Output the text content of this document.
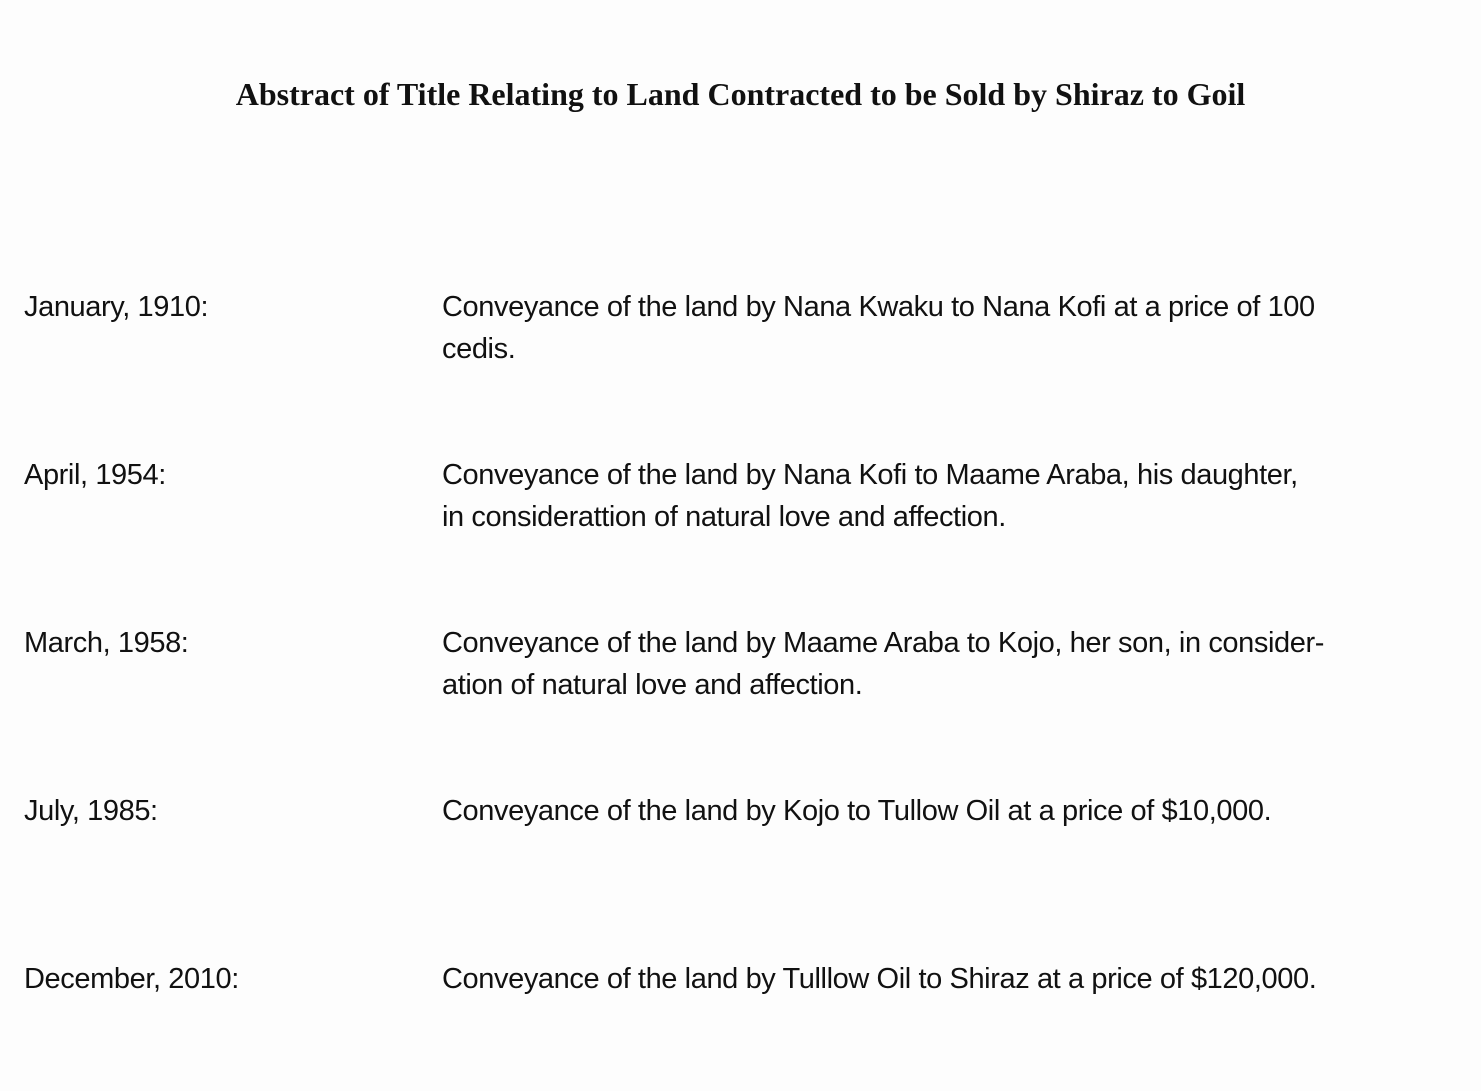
Abstract of Title Relating to Land Contracted to be Sold by Shiraz to Goil
January, 1910:	Conveyance of the land by Nana Kwaku to Nana Kofi at a price of 100
cedis.
April, 1954:	Conveyance of the land by Nana Kofi to Maame Araba, his daughter,
in considerattion of natural love and affection.
March, 1958:	Conveyance of the land by Maame Araba to Kojo, her son, in consider-
ation of natural love and affection.
July, 1985:	Conveyance of the land by Kojo to Tullow Oil at a price of $10,000.
December, 2010:	Conveyance of the land by Tulllow Oil to Shiraz at a price of $120,000.
